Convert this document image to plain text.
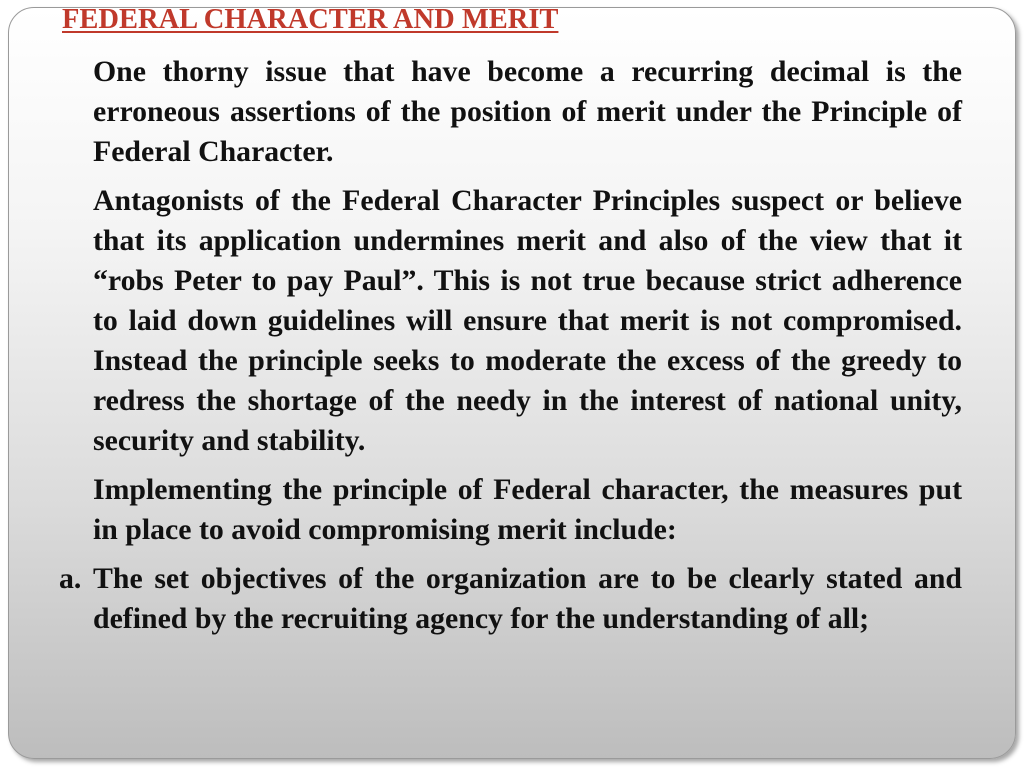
FEDERAL CHARACTER AND MERIT

One thorny issue that have become a recurring decimal is the erroneous assertions of the position of merit under the Principle of Federal Character.

Antagonists of the Federal Character Principles suspect or believe that its application undermines merit and also of the view that it “robs Peter to pay Paul”. This is not true because strict adherence to laid down guidelines will ensure that merit is not compromised. Instead the principle seeks to moderate the excess of the greedy to redress the shortage of the needy in the interest of national unity, security and stability.

Implementing the principle of Federal character, the measures put in place to avoid compromising merit include:

a. The set objectives of the organization are to be clearly stated and defined by the recruiting agency for the understanding of all;
